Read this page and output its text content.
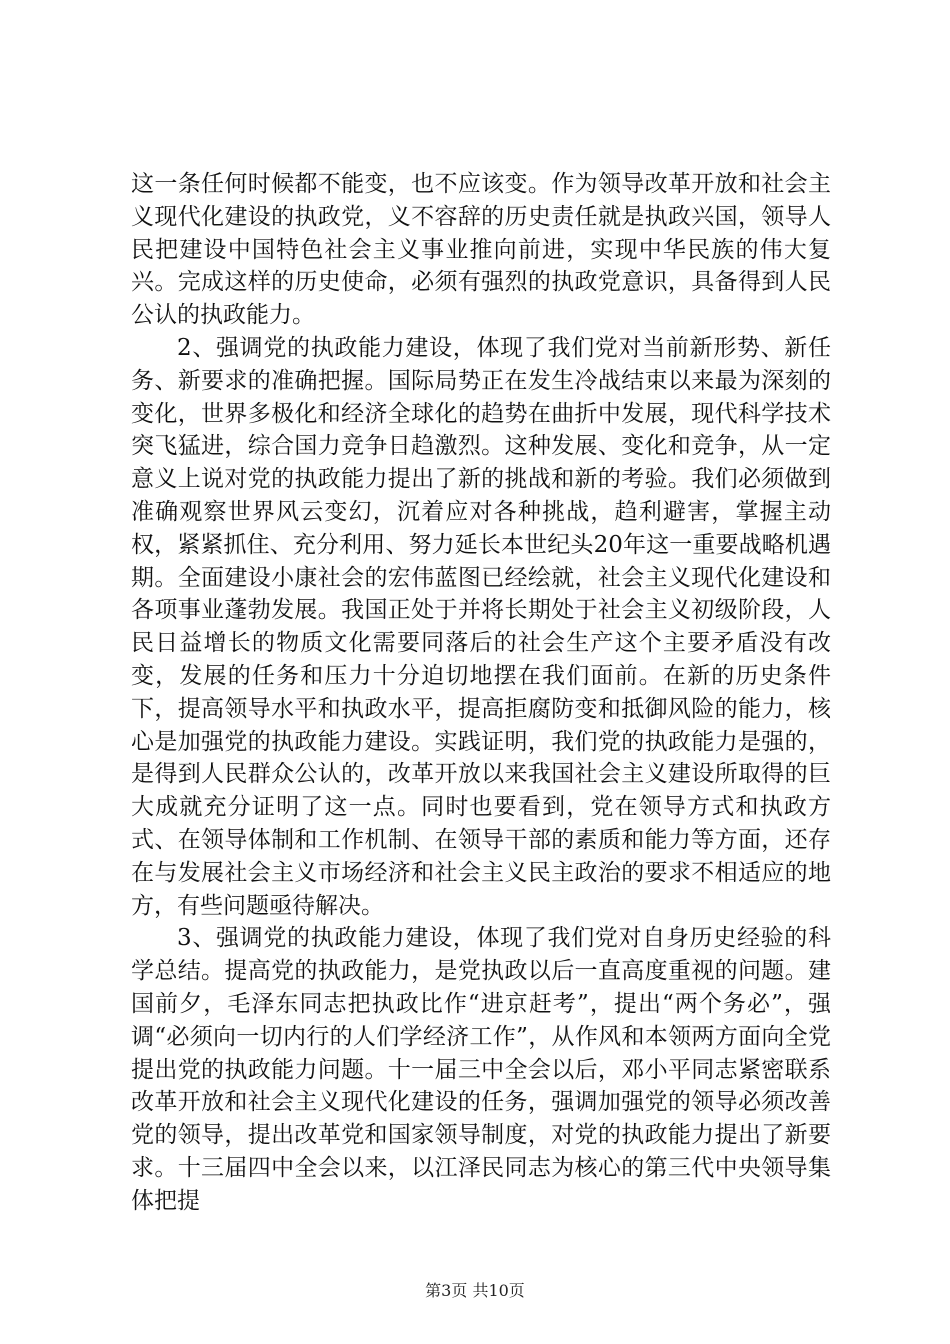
这一条任何时候都不能变，也不应该变。作为领导改革开放和社会主义现代化建设的执政党，义不容辞的历史责任就是执政兴国，领导人民把建设中国特色社会主义事业推向前进，实现中华民族的伟大复兴。完成这样的历史使命，必须有强烈的执政党意识，具备得到人民公认的执政能力。

2、强调党的执政能力建设，体现了我们党对当前新形势、新任务、新要求的准确把握。国际局势正在发生冷战结束以来最为深刻的变化，世界多极化和经济全球化的趋势在曲折中发展，现代科学技术突飞猛进，综合国力竞争日趋激烈。这种发展、变化和竞争，从一定意义上说对党的执政能力提出了新的挑战和新的考验。我们必须做到准确观察世界风云变幻，沉着应对各种挑战，趋利避害，掌握主动权，紧紧抓住、充分利用、努力延长本世纪头20年这一重要战略机遇期。全面建设小康社会的宏伟蓝图已经绘就，社会主义现代化建设和各项事业蓬勃发展。我国正处于并将长期处于社会主义初级阶段，人民日益增长的物质文化需要同落后的社会生产这个主要矛盾没有改变，发展的任务和压力十分迫切地摆在我们面前。在新的历史条件下，提高领导水平和执政水平，提高拒腐防变和抵御风险的能力，核心是加强党的执政能力建设。实践证明，我们党的执政能力是强的，是得到人民群众公认的，改革开放以来我国社会主义建设所取得的巨大成就充分证明了这一点。同时也要看到，党在领导方式和执政方式、在领导体制和工作机制、在领导干部的素质和能力等方面，还存在与发展社会主义市场经济和社会主义民主政治的要求不相适应的地方，有些问题亟待解决。

3、强调党的执政能力建设，体现了我们党对自身历史经验的科学总结。提高党的执政能力，是党执政以后一直高度重视的问题。建国前夕，毛泽东同志把执政比作“进京赶考”，提出“两个务必”，强调“必须向一切内行的人们学经济工作”，从作风和本领两方面向全党提出党的执政能力问题。十一届三中全会以后，邓小平同志紧密联系改革开放和社会主义现代化建设的任务，强调加强党的领导必须改善党的领导，提出改革党和国家领导制度，对党的执政能力提出了新要求。十三届四中全会以来，以江泽民同志为核心的第三代中央领导集体把提

第3页 共10页
